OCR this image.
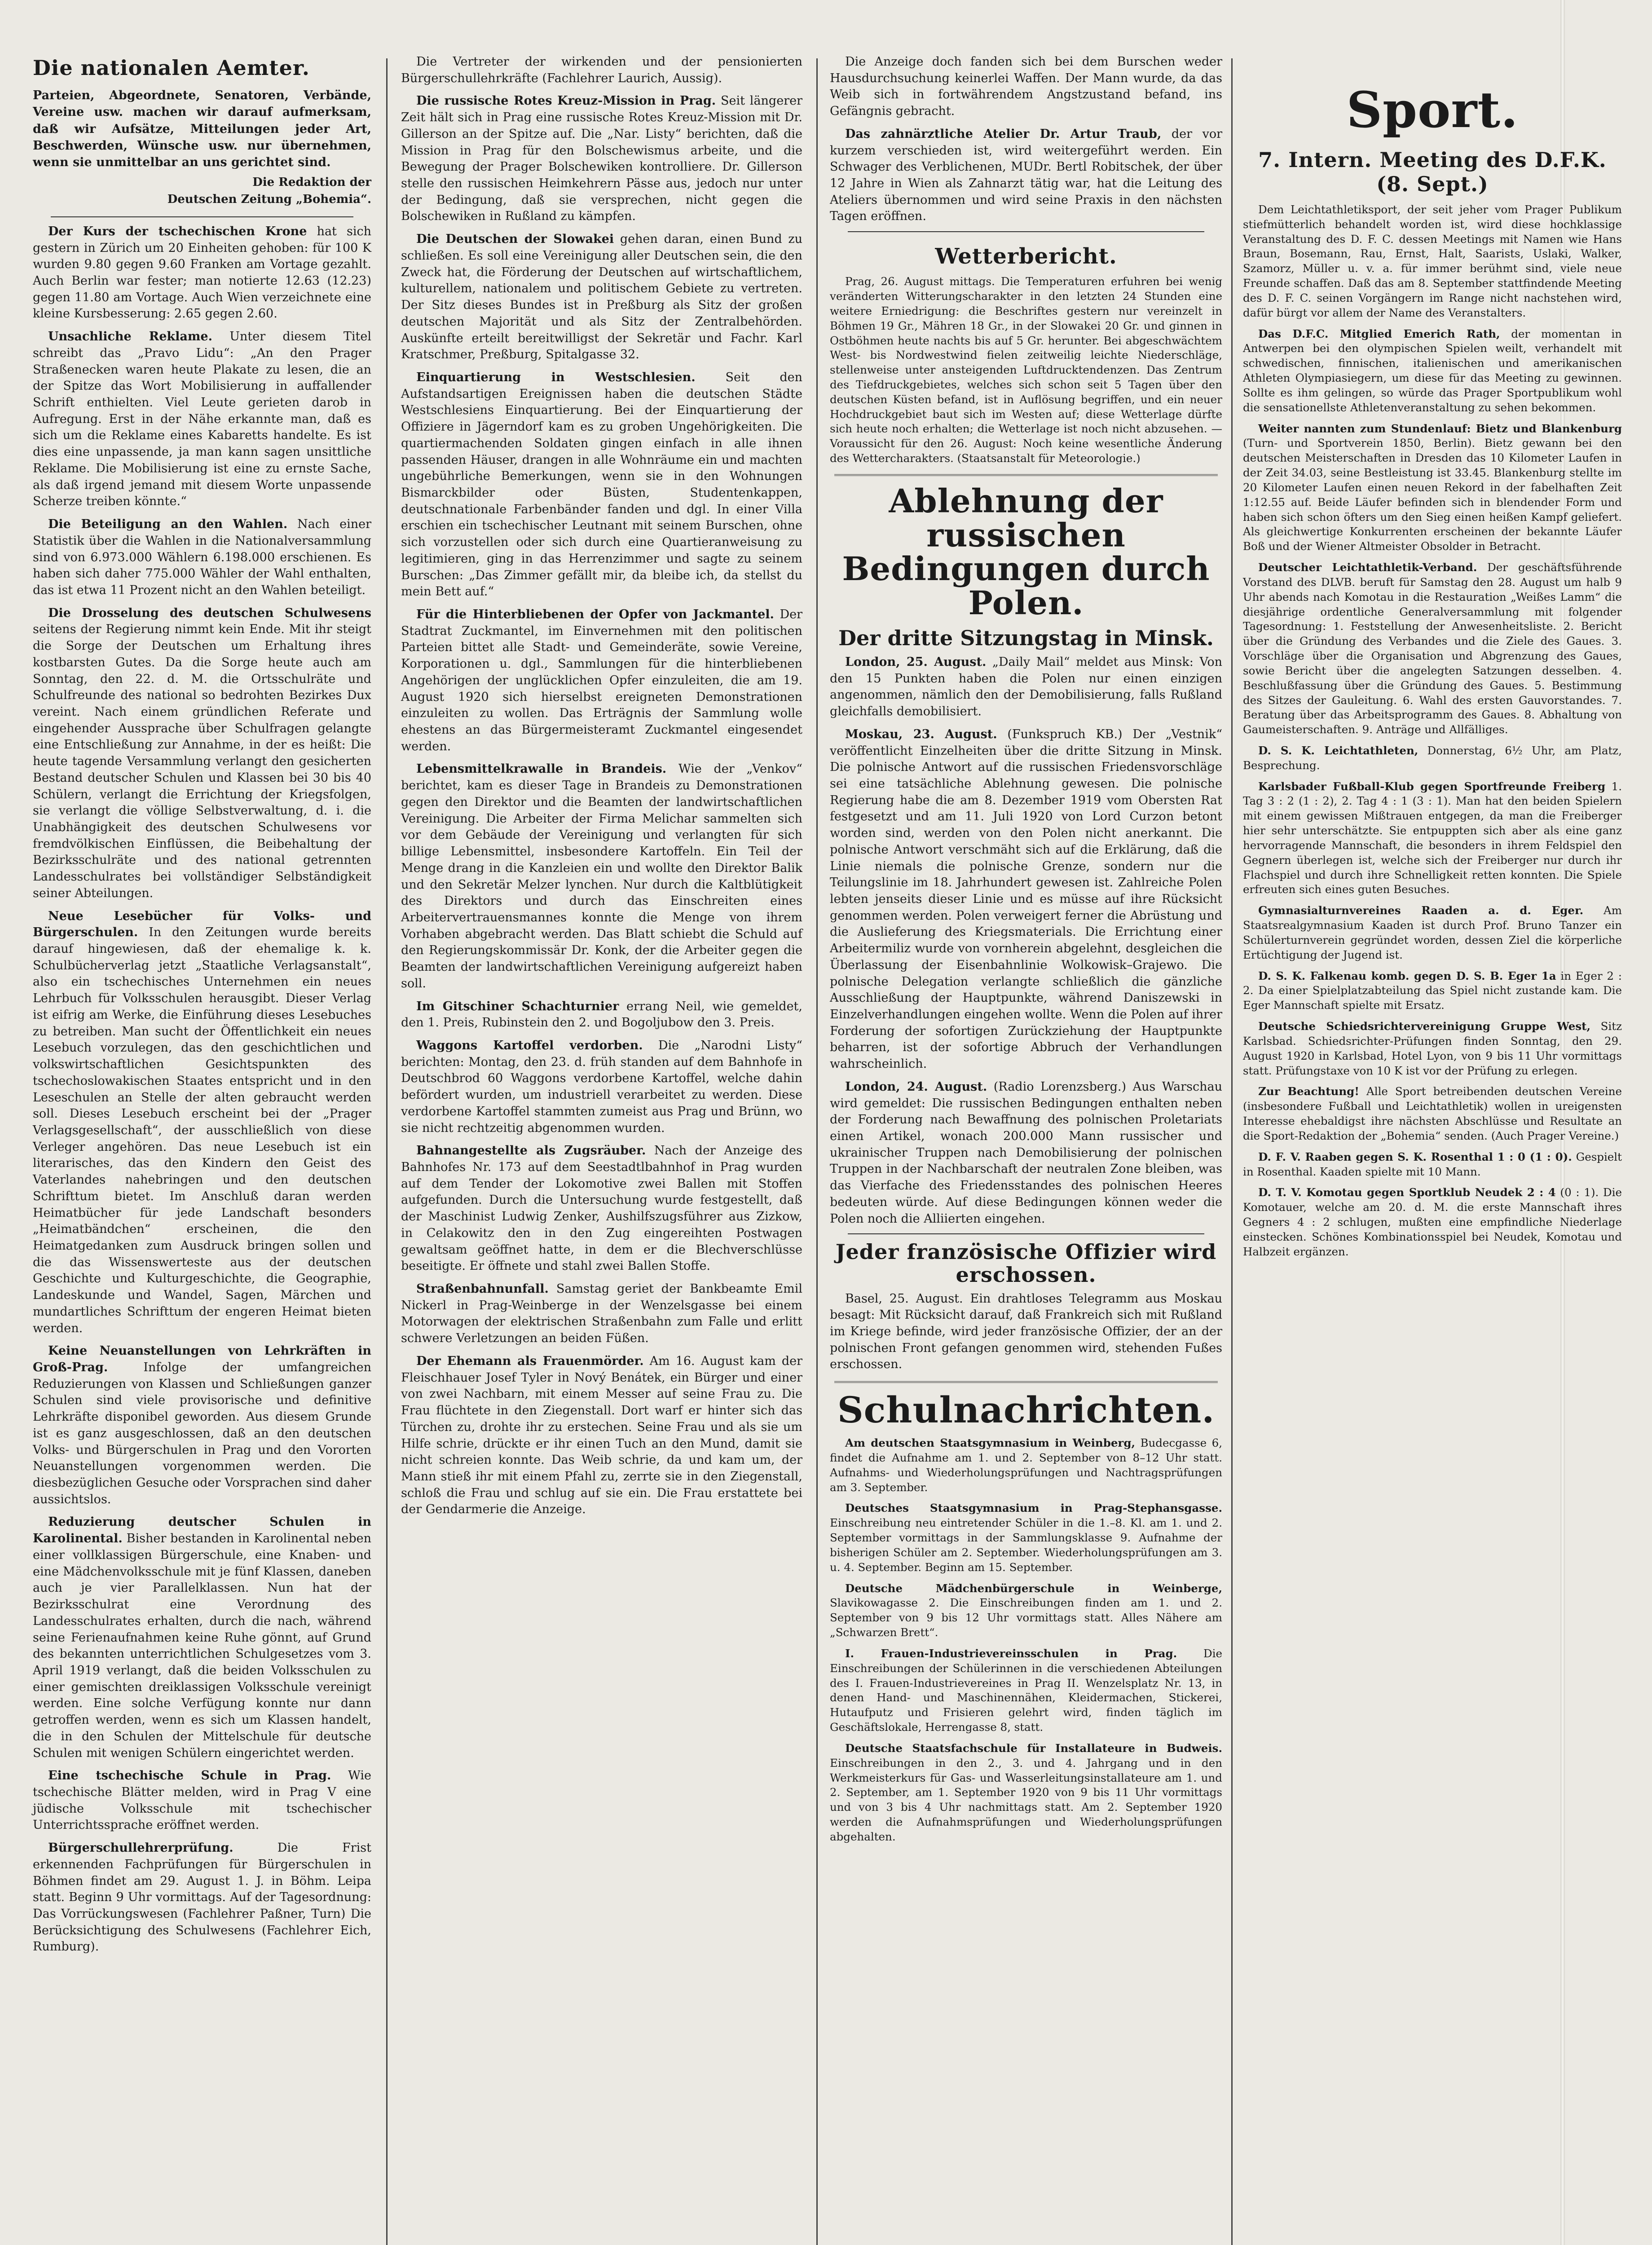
Die nationalen Aemter.
Parteien, Abgeordnete, Senatoren, Verbände, Vereine usw. machen wir darauf aufmerksam, daß wir Aufsätze, Mitteilungen jeder Art, Beschwerden, Wünsche usw. nur übernehmen, wenn sie unmittelbar an uns gerichtet sind.
Die Redaktion der
Deutschen Zeitung „Bohemia“.

Der Kurs der tschechischen Krone hat sich gestern in Zürich um 20 Einheiten gehoben: für 100 K wurden 9.80 gegen 9.60 Franken am Vortage gezahlt. Auch Berlin war fester; man notierte 12.63 (12.23) gegen 11.80 am Vortage. Auch Wien verzeichnete eine kleine Kursbesserung: 2.65 gegen 2.60.

Unsachliche Reklame. Unter diesem Titel schreibt das „Pravo Lidu“: „An den Prager Straßenecken waren heute Plakate zu lesen, die an der Spitze das Wort Mobilisierung in auffallender Schrift enthielten. Viel Leute gerieten darob in Aufregung. Erst in der Nähe erkannte man, daß es sich um die Reklame eines Kabaretts handelte. Es ist dies eine unpassende, ja man kann sagen unsittliche Reklame. Die Mobilisierung ist eine zu ernste Sache, als daß irgend jemand mit diesem Worte unpassende Scherze treiben könnte.“

Die Beteiligung an den Wahlen. Nach einer Statistik über die Wahlen in die Nationalversammlung sind von 6.973.000 Wählern 6.198.000 erschienen. Es haben sich daher 775.000 Wähler der Wahl enthalten, das ist etwa 11 Prozent nicht an den Wahlen beteiligt.

Die Drosselung des deutschen Schulwesens seitens der Regierung nimmt kein Ende. Mit ihr steigt die Sorge der Deutschen um Erhaltung ihres kostbarsten Gutes. Da die Sorge heute auch am Sonntag, den 22. d. M. die Ortsschulräte und Schulfreunde des national so bedrohten Bezirkes Dux vereint. Nach einem gründlichen Referate und eingehender Aussprache über Schulfragen gelangte eine Entschließung zur Annahme, in der es heißt: Die heute tagende Versammlung verlangt den gesicherten Bestand deutscher Schulen und Klassen bei 30 bis 40 Schülern, verlangt die Errichtung der Kriegsfolgen, sie verlangt die völlige Selbstverwaltung, d. i. die Unabhängigkeit des deutschen Schulwesens vor fremdvölkischen Einflüssen, die Beibehaltung der Bezirksschulräte und des national getrennten Landesschulrates bei vollständiger Selbständigkeit seiner Abteilungen.

Neue Lesebücher für Volks- und Bürgerschulen. In den Zeitungen wurde bereits darauf hingewiesen, daß der ehemalige k. k. Schulbücherverlag jetzt „Staatliche Verlagsanstalt“, also ein tschechisches Unternehmen ein neues Lehrbuch für Volksschulen herausgibt. Dieser Verlag ist eifrig am Werke, die Einführung dieses Lesebuches zu betreiben. Man sucht der Öffentlichkeit ein neues Lesebuch vorzulegen, das den geschichtlichen und volkswirtschaftlichen Gesichtspunkten des tschechoslowakischen Staates entspricht und in den Leseschulen an Stelle der alten gebraucht werden soll. Dieses Lesebuch erscheint bei der „Prager Verlagsgesellschaft“, der ausschließlich von diese Verleger angehören. Das neue Lesebuch ist ein literarisches, das den Kindern den Geist des Vaterlandes nahebringen und den deutschen Schrifttum bietet. Im Anschluß daran werden Heimatbücher für jede Landschaft besonders „Heimatbändchen“ erscheinen, die den Heimatgedanken zum Ausdruck bringen sollen und die das Wissenswerteste aus der deutschen Geschichte und Kulturgeschichte, die Geographie, Landeskunde und Wandel, Sagen, Märchen und mundartliches Schrifttum der engeren Heimat bieten werden.

Keine Neuanstellungen von Lehrkräften in Groß-Prag. Infolge der umfangreichen Reduzierungen von Klassen und Schließungen ganzer Schulen sind viele provisorische und definitive Lehrkräfte disponibel geworden. Aus diesem Grunde ist es ganz ausgeschlossen, daß an den deutschen Volks- und Bürgerschulen in Prag und den Vororten Neuanstellungen vorgenommen werden. Die diesbezüglichen Gesuche oder Vorsprachen sind daher aussichtslos.

Reduzierung deutscher Schulen in Karolinental. Bisher bestanden in Karolinental neben einer vollklassigen Bürgerschule, eine Knaben- und eine Mädchenvolksschule mit je fünf Klassen, daneben auch je vier Parallelklassen. Nun hat der Bezirksschulrat eine Verordnung des Landesschulrates erhalten, durch die nach, während seine Ferienaufnahmen keine Ruhe gönnt, auf Grund des bekannten unterrichtlichen Schulgesetzes vom 3. April 1919 verlangt, daß die beiden Volksschulen zu einer gemischten dreiklassigen Volksschule vereinigt werden. Eine solche Verfügung konnte nur dann getroffen werden, wenn es sich um Klassen handelt, die in den Schulen der Mittelschule für deutsche Schulen mit wenigen Schülern eingerichtet werden.

Eine tschechische Schule in Prag. Wie tschechische Blätter melden, wird in Prag V eine jüdische Volksschule mit tschechischer Unterrichtssprache eröffnet werden.

Bürgerschullehrerprüfung. Die Frist erkennenden Fachprüfungen für Bürgerschulen in Böhmen findet am 29. August 1. J. in Böhm. Leipa statt. Beginn 9 Uhr vormittags. Auf der Tagesordnung: Das Vorrückungswesen (Fachlehrer Paßner, Turn) Die Berücksichtigung des Schulwesens (Fachlehrer Eich, Rumburg).

Die Vertreter der wirkenden und der pensionierten Bürgerschullehrkräfte (Fachlehrer Laurich, Aussig).

Die russische Rotes Kreuz-Mission in Prag. Seit längerer Zeit hält sich in Prag eine russische Rotes Kreuz-Mission mit Dr. Gillerson an der Spitze auf. Die „Nar. Listy“ berichten, daß die Mission in Prag für den Bolschewismus arbeite, und die Bewegung der Prager Bolschewiken kontrolliere. Dr. Gillerson stelle den russischen Heimkehrern Pässe aus, jedoch nur unter der Bedingung, daß sie versprechen, nicht gegen die Bolschewiken in Rußland zu kämpfen.

Die Deutschen der Slowakei gehen daran, einen Bund zu schließen. Es soll eine Vereinigung aller Deutschen sein, die den Zweck hat, die Förderung der Deutschen auf wirtschaftlichem, kulturellem, nationalem und politischem Gebiete zu vertreten. Der Sitz dieses Bundes ist in Preßburg als Sitz der großen deutschen Majorität und als Sitz der Zentralbehörden. Auskünfte erteilt bereitwilligst der Sekretär und Fachr. Karl Kratschmer, Preßburg, Spitalgasse 32.

Einquartierung in Westschlesien. Seit den Aufstandsartigen Ereignissen haben die deutschen Städte Westschlesiens Einquartierung. Bei der Einquartierung der Offiziere in Jägerndorf kam es zu groben Ungehörigkeiten. Die quartiermachenden Soldaten gingen einfach in alle ihnen passenden Häuser, drangen in alle Wohnräume ein und machten ungebührliche Bemerkungen, wenn sie in den Wohnungen Bismarckbilder oder Büsten, Studentenkappen, deutschnationale Farbenbänder fanden und dgl. In einer Villa erschien ein tschechischer Leutnant mit seinem Burschen, ohne sich vorzustellen oder sich durch eine Quartieranweisung zu legitimieren, ging in das Herrenzimmer und sagte zu seinem Burschen: „Das Zimmer gefällt mir, da bleibe ich, da stellst du mein Bett auf.“

Für die Hinterbliebenen der Opfer von Jackmantel. Der Stadtrat Zuckmantel, im Einvernehmen mit den politischen Parteien bittet alle Stadt- und Gemeinderäte, sowie Vereine, Korporationen u. dgl., Sammlungen für die hinterbliebenen Angehörigen der unglücklichen Opfer einzuleiten, die am 19. August 1920 sich hierselbst ereigneten Demonstrationen einzuleiten zu wollen. Das Erträgnis der Sammlung wolle ehestens an das Bürgermeisteramt Zuckmantel eingesendet werden.

Lebensmittelkrawalle in Brandeis. Wie der „Venkov“ berichtet, kam es dieser Tage in Brandeis zu Demonstrationen gegen den Direktor und die Beamten der landwirtschaftlichen Vereinigung. Die Arbeiter der Firma Melichar sammelten sich vor dem Gebäude der Vereinigung und verlangten für sich billige Lebensmittel, insbesondere Kartoffeln. Ein Teil der Menge drang in die Kanzleien ein und wollte den Direktor Balik und den Sekretär Melzer lynchen. Nur durch die Kaltblütigkeit des Direktors und durch das Einschreiten eines Arbeitervertrauensmannes konnte die Menge von ihrem Vorhaben abgebracht werden. Das Blatt schiebt die Schuld auf den Regierungskommissär Dr. Konk, der die Arbeiter gegen die Beamten der landwirtschaftlichen Vereinigung aufgereizt haben soll.

Im Gitschiner Schachturnier errang Neil, wie gemeldet, den 1. Preis, Rubinstein den 2. und Bogoljubow den 3. Preis.

Waggons Kartoffel verdorben. Die „Narodni Listy“ berichten: Montag, den 23. d. früh standen auf dem Bahnhofe in Deutschbrod 60 Waggons verdorbene Kartoffel, welche dahin befördert wurden, um industriell verarbeitet zu werden. Diese verdorbene Kartoffel stammten zumeist aus Prag und Brünn, wo sie nicht rechtzeitig abgenommen wurden.

Bahnangestellte als Zugsräuber. Nach der Anzeige des Bahnhofes Nr. 173 auf dem Seestadtlbahnhof in Prag wurden auf dem Tender der Lokomotive zwei Ballen mit Stoffen aufgefunden. Durch die Untersuchung wurde festgestellt, daß der Maschinist Ludwig Zenker, Aushilfszugsführer aus Zizkow, in Celakowitz den in den Zug eingereihten Postwagen gewaltsam geöffnet hatte, in dem er die Blechverschlüsse beseitigte. Er öffnete und stahl zwei Ballen Stoffe.

Straßenbahnunfall. Samstag geriet der Bankbeamte Emil Nickerl in Prag-Weinberge in der Wenzelsgasse bei einem Motorwagen der elektrischen Straßenbahn zum Falle und erlitt schwere Verletzungen an beiden Füßen.

Der Ehemann als Frauenmörder. Am 16. August kam der Fleischhauer Josef Tyler in Nový Benátek, ein Bürger und einer von zwei Nachbarn, mit einem Messer auf seine Frau zu. Die Frau flüchtete in den Ziegenstall. Dort warf er hinter sich das Türchen zu, drohte ihr zu erstechen. Seine Frau und als sie um Hilfe schrie, drückte er ihr einen Tuch an den Mund, damit sie nicht schreien konnte. Das Weib schrie, da und kam um, der Mann stieß ihr mit einem Pfahl zu, zerrte sie in den Ziegenstall, schloß die Frau und schlug auf sie ein. Die Frau erstattete bei der Gendarmerie die Anzeige.

Die Anzeige doch fanden sich bei dem Burschen weder Hausdurchsuchung keinerlei Waffen. Der Mann wurde, da das Weib sich in fortwährendem Angstzustand befand, ins Gefängnis gebracht.

Das zahnärztliche Atelier Dr. Artur Traub, der vor kurzem verschieden ist, wird weitergeführt werden. Ein Schwager des Verblichenen, MUDr. Bertl Robitschek, der über 12 Jahre in Wien als Zahnarzt tätig war, hat die Leitung des Ateliers übernommen und wird seine Praxis in den nächsten Tagen eröffnen.

Wetterbericht.

Prag, 26. August mittags. Die Temperaturen erfuhren bei wenig veränderten Witterungscharakter in den letzten 24 Stunden eine weitere Erniedrigung: die Beschriftes gestern nur vereinzelt in Böhmen 19 Gr., Mähren 18 Gr., in der Slowakei 20 Gr. und ginnen in Ostböhmen heute nachts bis auf 5 Gr. herunter. Bei abgeschwächtem West- bis Nordwestwind fielen zeitweilig leichte Niederschläge, stellenweise unter ansteigenden Luftdrucktendenzen. Das Zentrum des Tiefdruckgebietes, welches sich schon seit 5 Tagen über den deutschen Küsten befand, ist in Auflösung begriffen, und ein neuer Hochdruckgebiet baut sich im Westen auf; diese Wetterlage dürfte sich heute noch erhalten; die Wetterlage ist noch nicht abzusehen. — Voraussicht für den 26. August: Noch keine wesentliche Änderung des Wettercharakters. (Staatsanstalt für Meteorologie.)

Ablehnung der russischen Bedingungen durch Polen.
Der dritte Sitzungstag in Minsk.

London, 25. August. „Daily Mail“ meldet aus Minsk: Von den 15 Punkten haben die Polen nur einen einzigen angenommen, nämlich den der Demobilisierung, falls Rußland gleichfalls demobilisiert.

Moskau, 23. August. (Funkspruch KB.) Der „Vestnik“ veröffentlicht Einzelheiten über die dritte Sitzung in Minsk. Die polnische Antwort auf die russischen Friedensvorschläge sei eine tatsächliche Ablehnung gewesen. Die polnische Regierung habe die am 8. Dezember 1919 vom Obersten Rat festgesetzt und am 11. Juli 1920 von Lord Curzon betont worden sind, werden von den Polen nicht anerkannt. Die polnische Antwort verschmäht sich auf die Erklärung, daß die Linie niemals die polnische Grenze, sondern nur die Teilungslinie im 18. Jahrhundert gewesen ist. Zahlreiche Polen lebten jenseits dieser Linie und es müsse auf ihre Rücksicht genommen werden. Polen verweigert ferner die Abrüstung und die Auslieferung des Kriegsmaterials. Die Errichtung einer Arbeitermiliz wurde von vornherein abgelehnt, desgleichen die Überlassung der Eisenbahnlinie Wolkowisk–Grajewo. Die polnische Delegation verlangte schließlich die gänzliche Ausschließung der Hauptpunkte, während Daniszewski in Einzelverhandlungen eingehen wollte. Wenn die Polen auf ihrer Forderung der sofortigen Zurückziehung der Hauptpunkte beharren, ist der sofortige Abbruch der Verhandlungen wahrscheinlich.

London, 24. August. (Radio Lorenzsberg.) Aus Warschau wird gemeldet: Die russischen Bedingungen enthalten neben der Forderung nach Bewaffnung des polnischen Proletariats einen Artikel, wonach 200.000 Mann russischer und ukrainischer Truppen nach Demobilisierung der polnischen Truppen in der Nachbarschaft der neutralen Zone bleiben, was das Vierfache des Friedensstandes des polnischen Heeres bedeuten würde. Auf diese Bedingungen können weder die Polen noch die Alliierten eingehen.

Jeder französische Offizier wird erschossen.

Basel, 25. August. Ein drahtloses Telegramm aus Moskau besagt: Mit Rücksicht darauf, daß Frankreich sich mit Rußland im Kriege befinde, wird jeder französische Offizier, der an der polnischen Front gefangen genommen wird, stehenden Fußes erschossen.

Schulnachrichten.

Am deutschen Staatsgymnasium in Weinberg, Budecgasse 6, findet die Aufnahme am 1. und 2. September von 8–12 Uhr statt. Aufnahms- und Wiederholungsprüfungen und Nachtragsprüfungen am 3. September.

Deutsches Staatsgymnasium in Prag-Stephansgasse. Einschreibung neu eintretender Schüler in die 1.–8. Kl. am 1. und 2. September vormittags in der Sammlungsklasse 9. Aufnahme der bisherigen Schüler am 2. September. Wiederholungsprüfungen am 3. u. 4. September. Beginn am 15. September.

Deutsche Mädchenbürgerschule in Weinberge, Slavikowagasse 2. Die Einschreibungen finden am 1. und 2. September von 9 bis 12 Uhr vormittags statt. Alles Nähere am „Schwarzen Brett“.

I. Frauen-Industrievereinsschulen in Prag. Die Einschreibungen der Schülerinnen in die verschiedenen Abteilungen des I. Frauen-Industrievereines in Prag II. Wenzelsplatz Nr. 13, in denen Hand- und Maschinennähen, Kleidermachen, Stickerei, Hutaufputz und Frisieren gelehrt wird, finden täglich im Geschäftslokale, Herrengasse 8, statt.

Deutsche Staatsfachschule für Installateure in Budweis. Einschreibungen in den 2., 3. und 4. Jahrgang und in den Werkmeisterkurs für Gas- und Wasserleitungsinstallateure am 1. und 2. September, am 1. September 1920 von 9 bis 11 Uhr vormittags und von 3 bis 4 Uhr nachmittags statt. Am 2. September 1920 werden die Aufnahmsprüfungen und Wiederholungsprüfungen abgehalten.

Sport.
7. Intern. Meeting des D.F.K. (8. Sept.)

Dem Leichtathletiksport, der seit jeher vom Prager Publikum stiefmütterlich behandelt worden ist, wird diese hochklassige Veranstaltung des D. F. C. dessen Meetings mit Namen wie Hans Braun, Bosemann, Rau, Ernst, Halt, Saarists, Uslaki, Walker, Szamorz, Müller u. v. a. für immer berühmt sind, viele neue Freunde schaffen. Daß das am 8. September stattfindende Meeting des D. F. C. seinen Vorgängern im Range nicht nachstehen wird, dafür bürgt vor allem der Name des Veranstalters.

Das D.F.C. Mitglied Emerich Rath, der momentan in Antwerpen bei den olympischen Spielen weilt, verhandelt mit schwedischen, finnischen, italienischen und amerikanischen Athleten Olympiasiegern, um diese für das Meeting zu gewinnen. Sollte es ihm gelingen, so würde das Prager Sportpublikum wohl die sensationellste Athletenveranstaltung zu sehen bekommen.

Weiter nannten zum Stundenlauf: Bietz und Blankenburg (Turn- und Sportverein 1850, Berlin). Bietz gewann bei den deutschen Meisterschaften in Dresden das 10 Kilometer Laufen in der Zeit 34.03, seine Bestleistung ist 33.45. Blankenburg stellte im 20 Kilometer Laufen einen neuen Rekord in der fabelhaften Zeit 1:12.55 auf. Beide Läufer befinden sich in blendender Form und haben sich schon öfters um den Sieg einen heißen Kampf geliefert. Als gleichwertige Konkurrenten erscheinen der bekannte Läufer Boß und der Wiener Altmeister Obsolder in Betracht.

Deutscher Leichtathletik-Verband. Der geschäftsführende Vorstand des DLVB. beruft für Samstag den 28. August um halb 9 Uhr abends nach Komotau in die Restauration „Weißes Lamm“ die diesjährige ordentliche Generalversammlung mit folgender Tagesordnung: 1. Feststellung der Anwesenheitsliste. 2. Bericht über die Gründung des Verbandes und die Ziele des Gaues. 3. Vorschläge über die Organisation und Abgrenzung des Gaues, sowie Bericht über die angelegten Satzungen desselben. 4. Beschlußfassung über die Gründung des Gaues. 5. Bestimmung des Sitzes der Gauleitung. 6. Wahl des ersten Gauvorstandes. 7. Beratung über das Arbeitsprogramm des Gaues. 8. Abhaltung von Gaumeisterschaften. 9. Anträge und Allfälliges.

D. S. K. Leichtathleten, Donnerstag, 6½ Uhr, am Platz, Besprechung.

Karlsbader Fußball-Klub gegen Sportfreunde Freiberg 1. Tag 3 : 2 (1 : 2), 2. Tag 4 : 1 (3 : 1). Man hat den beiden Spielern mit einem gewissen Mißtrauen entgegen, da man die Freiberger hier sehr unterschätzte. Sie entpuppten sich aber als eine ganz hervorragende Mannschaft, die besonders in ihrem Feldspiel den Gegnern überlegen ist, welche sich der Freiberger nur durch ihr Flachspiel und durch ihre Schnelligkeit retten konnten. Die Spiele erfreuten sich eines guten Besuches.

Gymnasialturnvereines Raaden a. d. Eger. Am Staatsrealgymnasium Kaaden ist durch Prof. Bruno Tanzer ein Schülerturnverein gegründet worden, dessen Ziel die körperliche Ertüchtigung der Jugend ist.

D. S. K. Falkenau komb. gegen D. S. B. Eger 1a in Eger 2 : 2. Da einer Spielplatzabteilung das Spiel nicht zustande kam. Die Eger Mannschaft spielte mit Ersatz.

Deutsche Schiedsrichtervereinigung Gruppe West, Sitz Karlsbad. Schiedsrichter-Prüfungen finden Sonntag, den 29. August 1920 in Karlsbad, Hotel Lyon, von 9 bis 11 Uhr vormittags statt. Prüfungstaxe von 10 K ist vor der Prüfung zu erlegen.

Zur Beachtung! Alle Sport betreibenden deutschen Vereine (insbesondere Fußball und Leichtathletik) wollen in ureigensten Interesse ehebaldigst ihre nächsten Abschlüsse und Resultate an die Sport-Redaktion der „Bohemia“ senden. (Auch Prager Vereine.)

D. F. V. Raaben gegen S. K. Rosenthal 1 : 0 (1 : 0). Gespielt in Rosenthal. Kaaden spielte mit 10 Mann.

D. T. V. Komotau gegen Sportklub Neudek 2 : 4 (0 : 1). Die Komotauer, welche am 20. d. M. die erste Mannschaft ihres Gegners 4 : 2 schlugen, mußten eine empfindliche Niederlage einstecken. Schönes Kombinationsspiel bei Neudek, Komotau und Halbzeit ergänzen.
